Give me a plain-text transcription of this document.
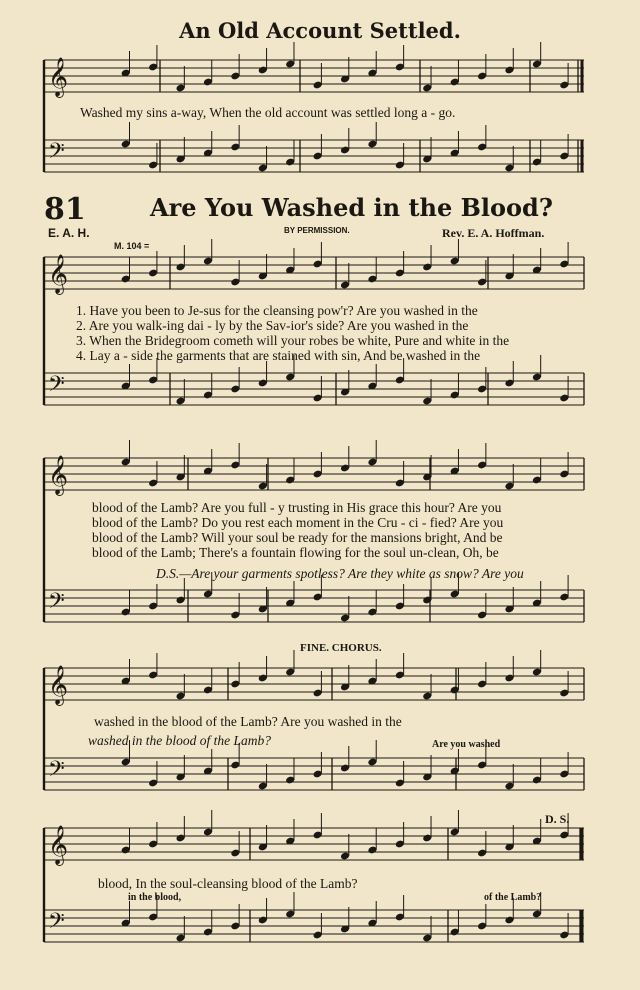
An Old Account Settled.
𝄞
𝄢
𝄞
𝄢
𝄞
𝄢
𝄞
𝄢
𝄞
𝄢
Washed my sins a-way, When the old account was settled long a - go.
81	Are You Washed in the Blood?
E. A. H.	BY PERMISSION.	Rev. E. A. Hoffman.
M. 104 =
1. Have you been to Je-sus for the cleansing pow'r? Are you washed in the
2. Are you walk-ing dai - ly by the Sav-ior's side? Are you washed in the
3. When the Bridegroom cometh will your robes be white, Pure and white in the
4. Lay a - side the garments that are stained with sin, And be washed in the
blood of the Lamb? Are you full - y trusting in His grace this hour? Are you
blood of the Lamb? Do you rest each moment in the Cru - ci - fied? Are you
blood of the Lamb? Will your soul be ready for the mansions bright, And be
blood of the Lamb; There's a fountain flowing for the soul un-clean, Oh, be
D.S.—Are your garments spotless? Are they white as snow? Are you
FINE. CHORUS.
washed in the blood of the Lamb? Are you washed in the
washed in the blood of the Lamb?	Are you washed
D. S.
blood, In the soul-cleansing blood of the Lamb?
in the blood,	of the Lamb?
